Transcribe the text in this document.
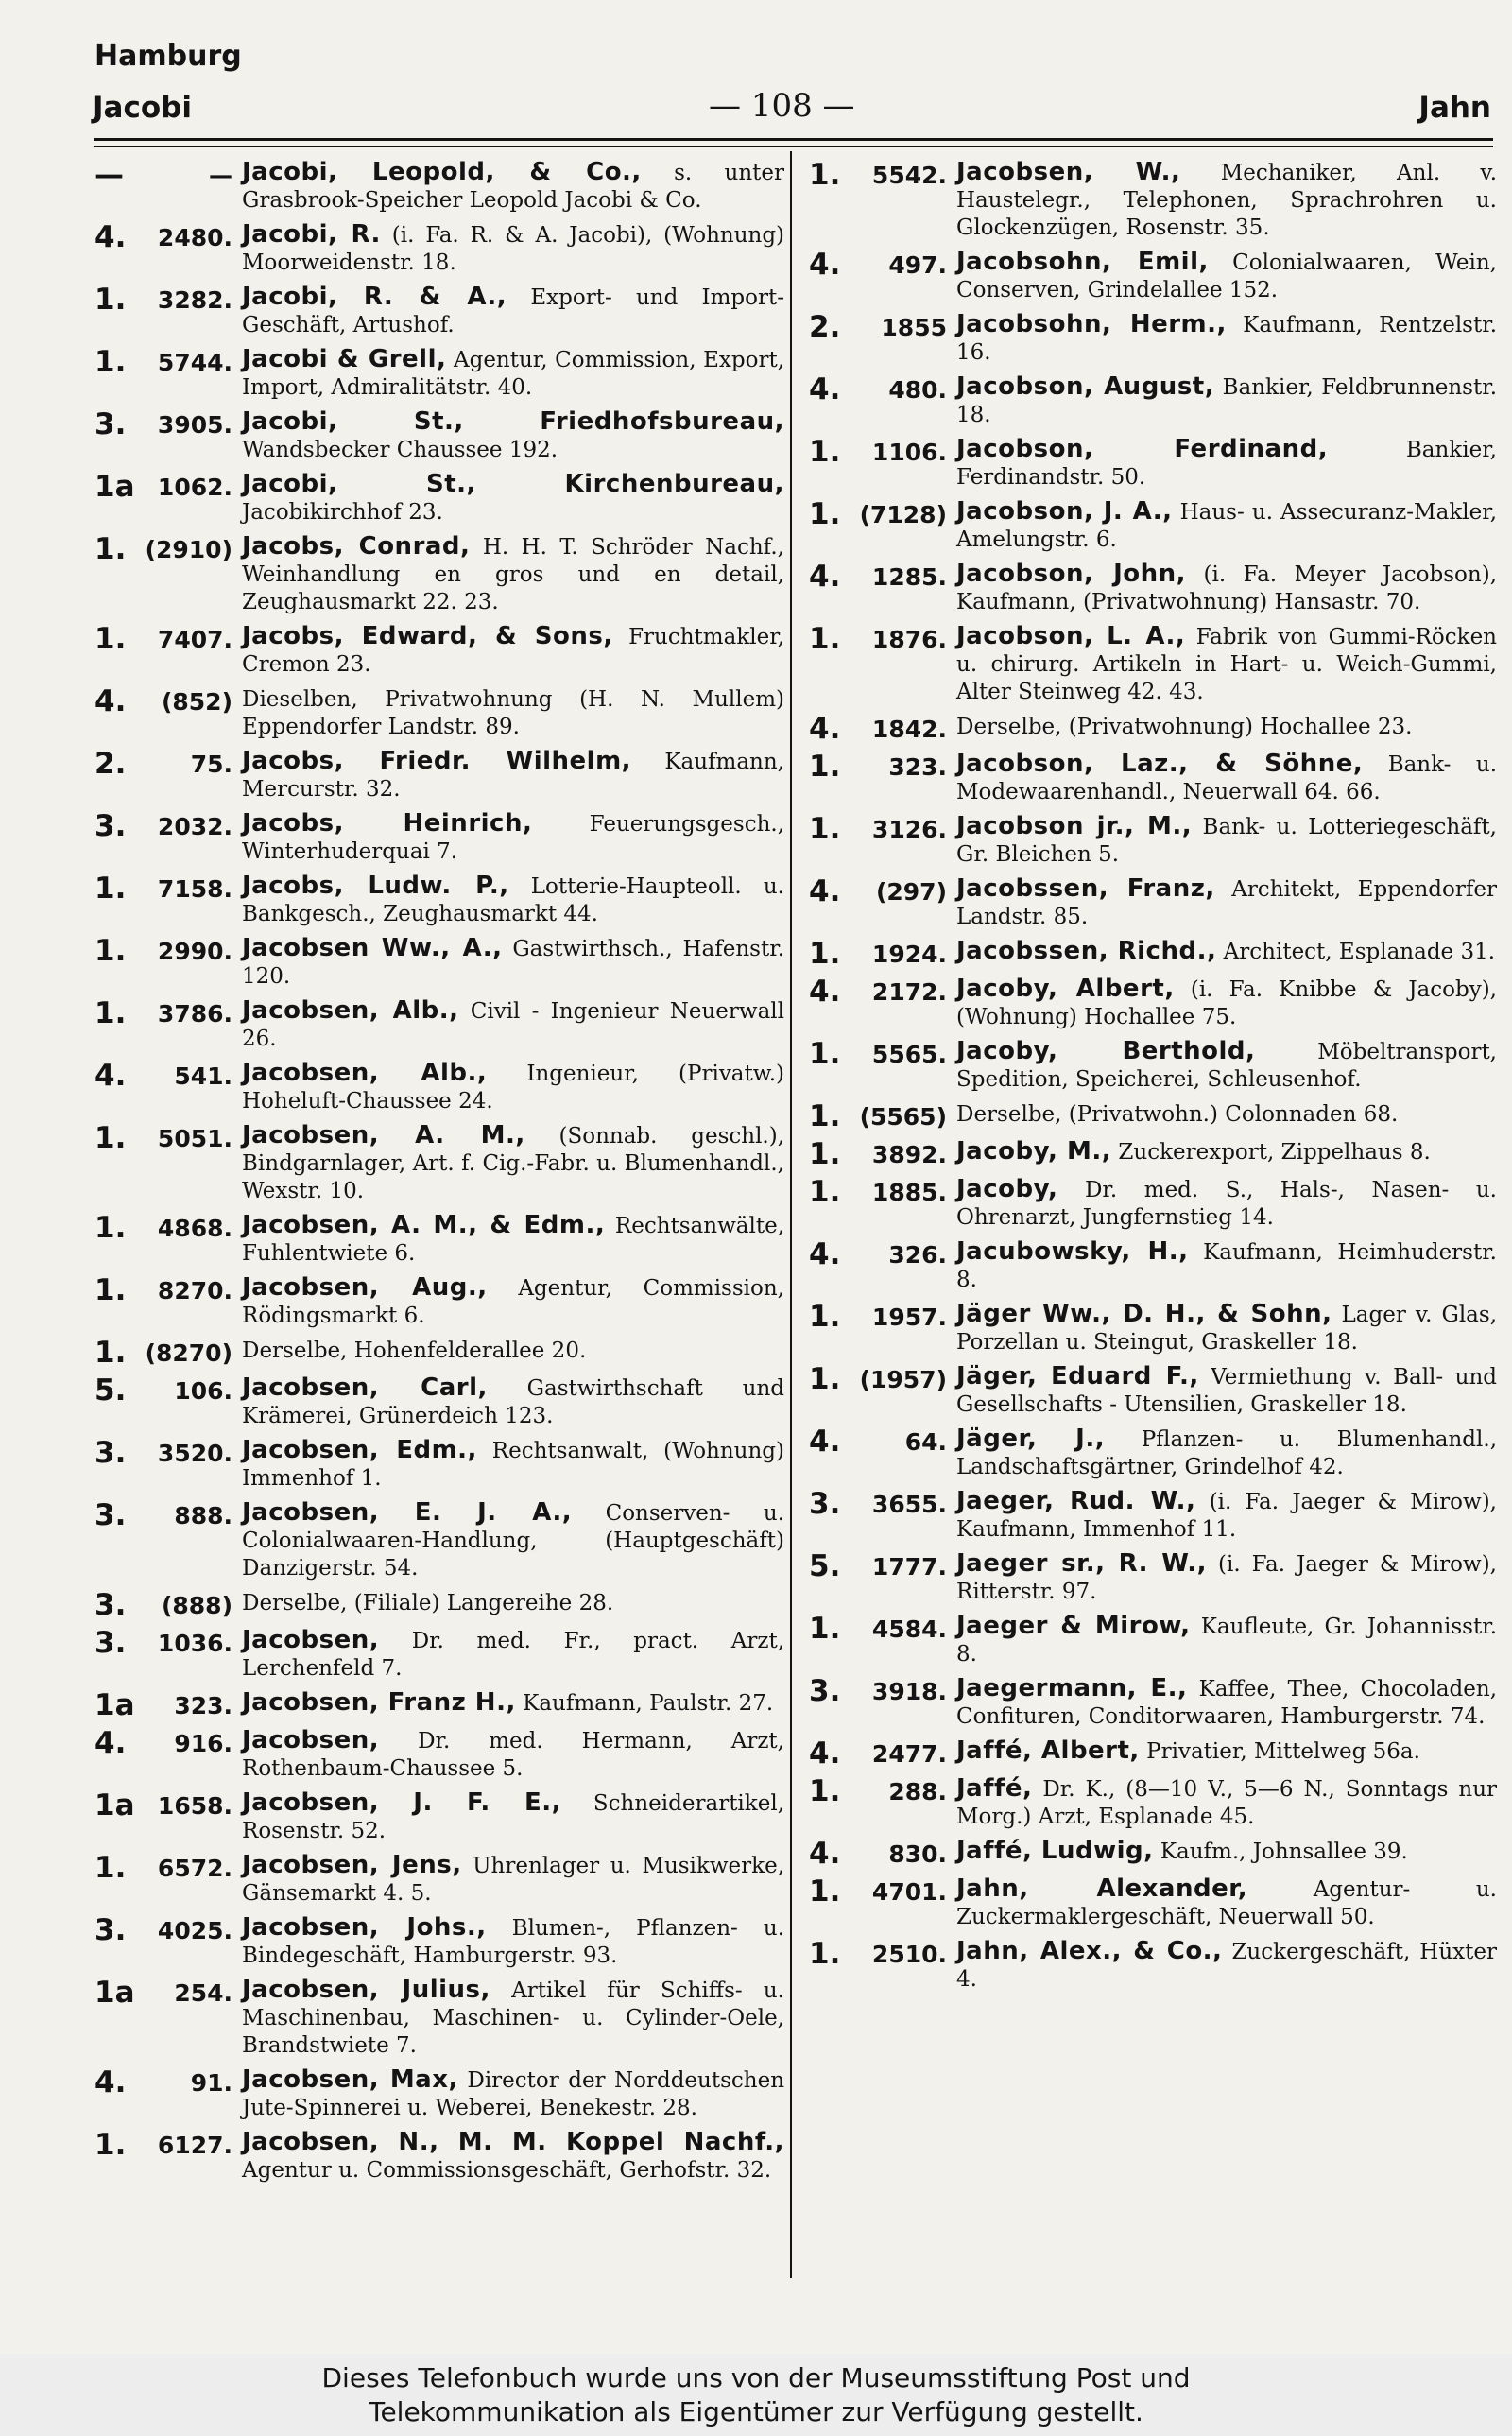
Hamburg
Jacobi	— 108 —	Jahn
—	— Jacobi, Leopold, & Co., s. unter Grasbrook-Speicher Leopold Jacobi & Co.
4.	2480. Jacobi, R. (i. Fa. R. & A. Jacobi), (Wohnung) Moorweidenstr. 18.
1.	3282. Jacobi, R. & A., Export- und Import-Geschäft, Artushof.
1.	5744. Jacobi & Grell, Agentur, Commission, Export, Import, Admiralitätstr. 40.
3.	3905. Jacobi, St., Friedhofsbureau, Wandsbecker Chaussee 192.
1a 1062. Jacobi, St., Kirchenbureau, Jacobikirchhof 23.
1. (2910) Jacobs, Conrad, H. H. T. Schröder Nachf., Weinhandlung en gros und en detail, Zeughausmarkt 22. 23.
1.	7407. Jacobs, Edward, & Sons, Fruchtmakler, Cremon 23.
4.	(852) Dieselben, Privatwohnung (H. N. Mullem) Eppendorfer Landstr. 89.
2.	75. Jacobs, Friedr. Wilhelm, Kaufmann, Mercurstr. 32.
3.	2032. Jacobs, Heinrich,	Feuerungsgesch., Winterhuderquai 7.
1.	7158. Jacobs, Ludw. P., Lotterie-Haupteoll. u. Bankgesch., Zeughausmarkt 44.
1.	2990. Jacobsen Ww., A., Gastwirthsch., Hafenstr. 120.
1.	3786. Jacobsen, Alb., Civil - Ingenieur Neuerwall 26.
4.	541. Jacobsen, Alb., Ingenieur, (Privatw.) Hoheluft-Chaussee 24.
1.	5051. Jacobsen, A. M., (Sonnab. geschl.), Bindgarnlager, Art. f. Cig.-Fabr. u. Blumenhandl., Wexstr. 10.
1.	4868. Jacobsen, A. M., & Edm., Rechtsanwälte, Fuhlentwiete 6.
1.	8270. Jacobsen, Aug., Agentur, Commission, Rödingsmarkt 6.
1. (8270) Derselbe, Hohenfelderallee 20.
5.	106. Jacobsen, Carl, Gastwirthschaft und Krämerei, Grünerdeich 123.
3.	3520. Jacobsen, Edm., Rechtsanwalt, (Wohnung) Immenhof 1.
3.	888. Jacobsen, E. J. A., Conserven- u. Colonialwaaren-Handlung, (Hauptgeschäft) Danzigerstr. 54.
3.	(888) Derselbe, (Filiale) Langereihe 28.
3.	1036. Jacobsen, Dr. med. Fr., pract. Arzt, Lerchenfeld 7.
1a	323. Jacobsen, Franz H., Kaufmann, Paulstr. 27.
4.	916. Jacobsen, Dr. med. Hermann, Arzt, Rothenbaum-Chaussee 5.
1a 1658. Jacobsen, J. F. E., Schneiderartikel, Rosenstr. 52.
1.	6572. Jacobsen, Jens, Uhrenlager u. Musikwerke, Gänsemarkt 4. 5.
3.	4025. Jacobsen, Johs., Blumen-, Pflanzen- u. Bindegeschäft, Hamburgerstr. 93.
1a	254. Jacobsen, Julius, Artikel für Schiffs- u. Maschinenbau, Maschinen- u. Cylinder-Oele, Brandstwiete 7.
4.	91. Jacobsen, Max, Director der Norddeutschen Jute-Spinnerei u. Weberei, Benekestr. 28.
1.	6127. Jacobsen, N., M. M. Koppel Nachf., Agentur u. Commissionsgeschäft, Gerhofstr. 32.
1.	5542. Jacobsen, W., Mechaniker, Anl. v. Haustelegr., Telephonen, Sprachrohren u. Glockenzügen, Rosenstr. 35.
4.	497. Jacobsohn, Emil, Colonialwaaren, Wein, Conserven, Grindelallee 152.
2.	1855 Jacobsohn, Herm., Kaufmann, Rentzelstr. 16.
4.	480. Jacobson, August, Bankier, Feldbrunnenstr. 18.
1.	1106. Jacobson, Ferdinand,	Bankier, Ferdinandstr. 50.
1. (7128) Jacobson, J. A., Haus- u. Assecuranz-Makler, Amelungstr. 6.
4.	1285. Jacobson, John, (i. Fa. Meyer Jacobson), Kaufmann, (Privatwohnung) Hansastr. 70.
1.	1876. Jacobson, L. A., Fabrik von Gummi-Röcken u. chirurg. Artikeln in Hart- u. Weich-Gummi, Alter Steinweg 42. 43.
4.	1842. Derselbe, (Privatwohnung) Hochallee 23.
1.	323. Jacobson, Laz., & Söhne, Bank- u. Modewaarenhandl., Neuerwall 64. 66.
1.	3126. Jacobson jr., M., Bank- u. Lotteriegeschäft, Gr. Bleichen 5.
4.	(297) Jacobssen, Franz, Architekt, Eppendorfer Landstr. 85.
1.	1924. Jacobssen, Richd., Architect, Esplanade 31.
4.	2172. Jacoby, Albert, (i. Fa. Knibbe & Jacoby), (Wohnung) Hochallee 75.
1.	5565. Jacoby, Berthold,	Möbeltransport, Spedition, Speicherei, Schleusenhof.
1. (5565) Derselbe, (Privatwohn.) Colonnaden 68.
1.	3892. Jacoby, M., Zuckerexport, Zippelhaus 8.
1.	1885. Jacoby, Dr. med. S., Hals-, Nasen- u. Ohrenarzt, Jungfernstieg 14.
4.	326. Jacubowsky, H., Kaufmann, Heimhuderstr. 8.
1.	1957. Jäger Ww., D. H., & Sohn, Lager v. Glas, Porzellan u. Steingut, Graskeller 18.
1. (1957) Jäger, Eduard F., Vermiethung v. Ball- und Gesellschafts - Utensilien, Graskeller 18.
4.	64. Jäger, J., Pflanzen- u. Blumenhandl., Landschaftsgärtner, Grindelhof 42.
3.	3655. Jaeger, Rud. W., (i. Fa. Jaeger & Mirow), Kaufmann, Immenhof 11.
5.	1777. Jaeger sr., R. W., (i. Fa. Jaeger & Mirow), Ritterstr. 97.
1.	4584. Jaeger & Mirow, Kaufleute, Gr. Johannisstr. 8.
3.	3918. Jaegermann, E., Kaffee, Thee, Chocoladen, Confituren, Conditorwaaren, Hamburgerstr. 74.
4.	2477. Jaffé, Albert, Privatier, Mittelweg 56a.
1.	288. Jaffé, Dr. K., (8—10 V., 5—6 N., Sonntags nur Morg.) Arzt, Esplanade 45.
4.	830. Jaffé, Ludwig, Kaufm., Johnsallee 39.
1.	4701. Jahn, Alexander,	Agentur- u. Zuckermaklergeschäft, Neuerwall 50.
1.	2510. Jahn, Alex., & Co., Zuckergeschäft, Hüxter 4.
Dieses Telefonbuch wurde uns von der Museumsstiftung Post und
Telekommunikation als Eigentümer zur Verfügung gestellt.
